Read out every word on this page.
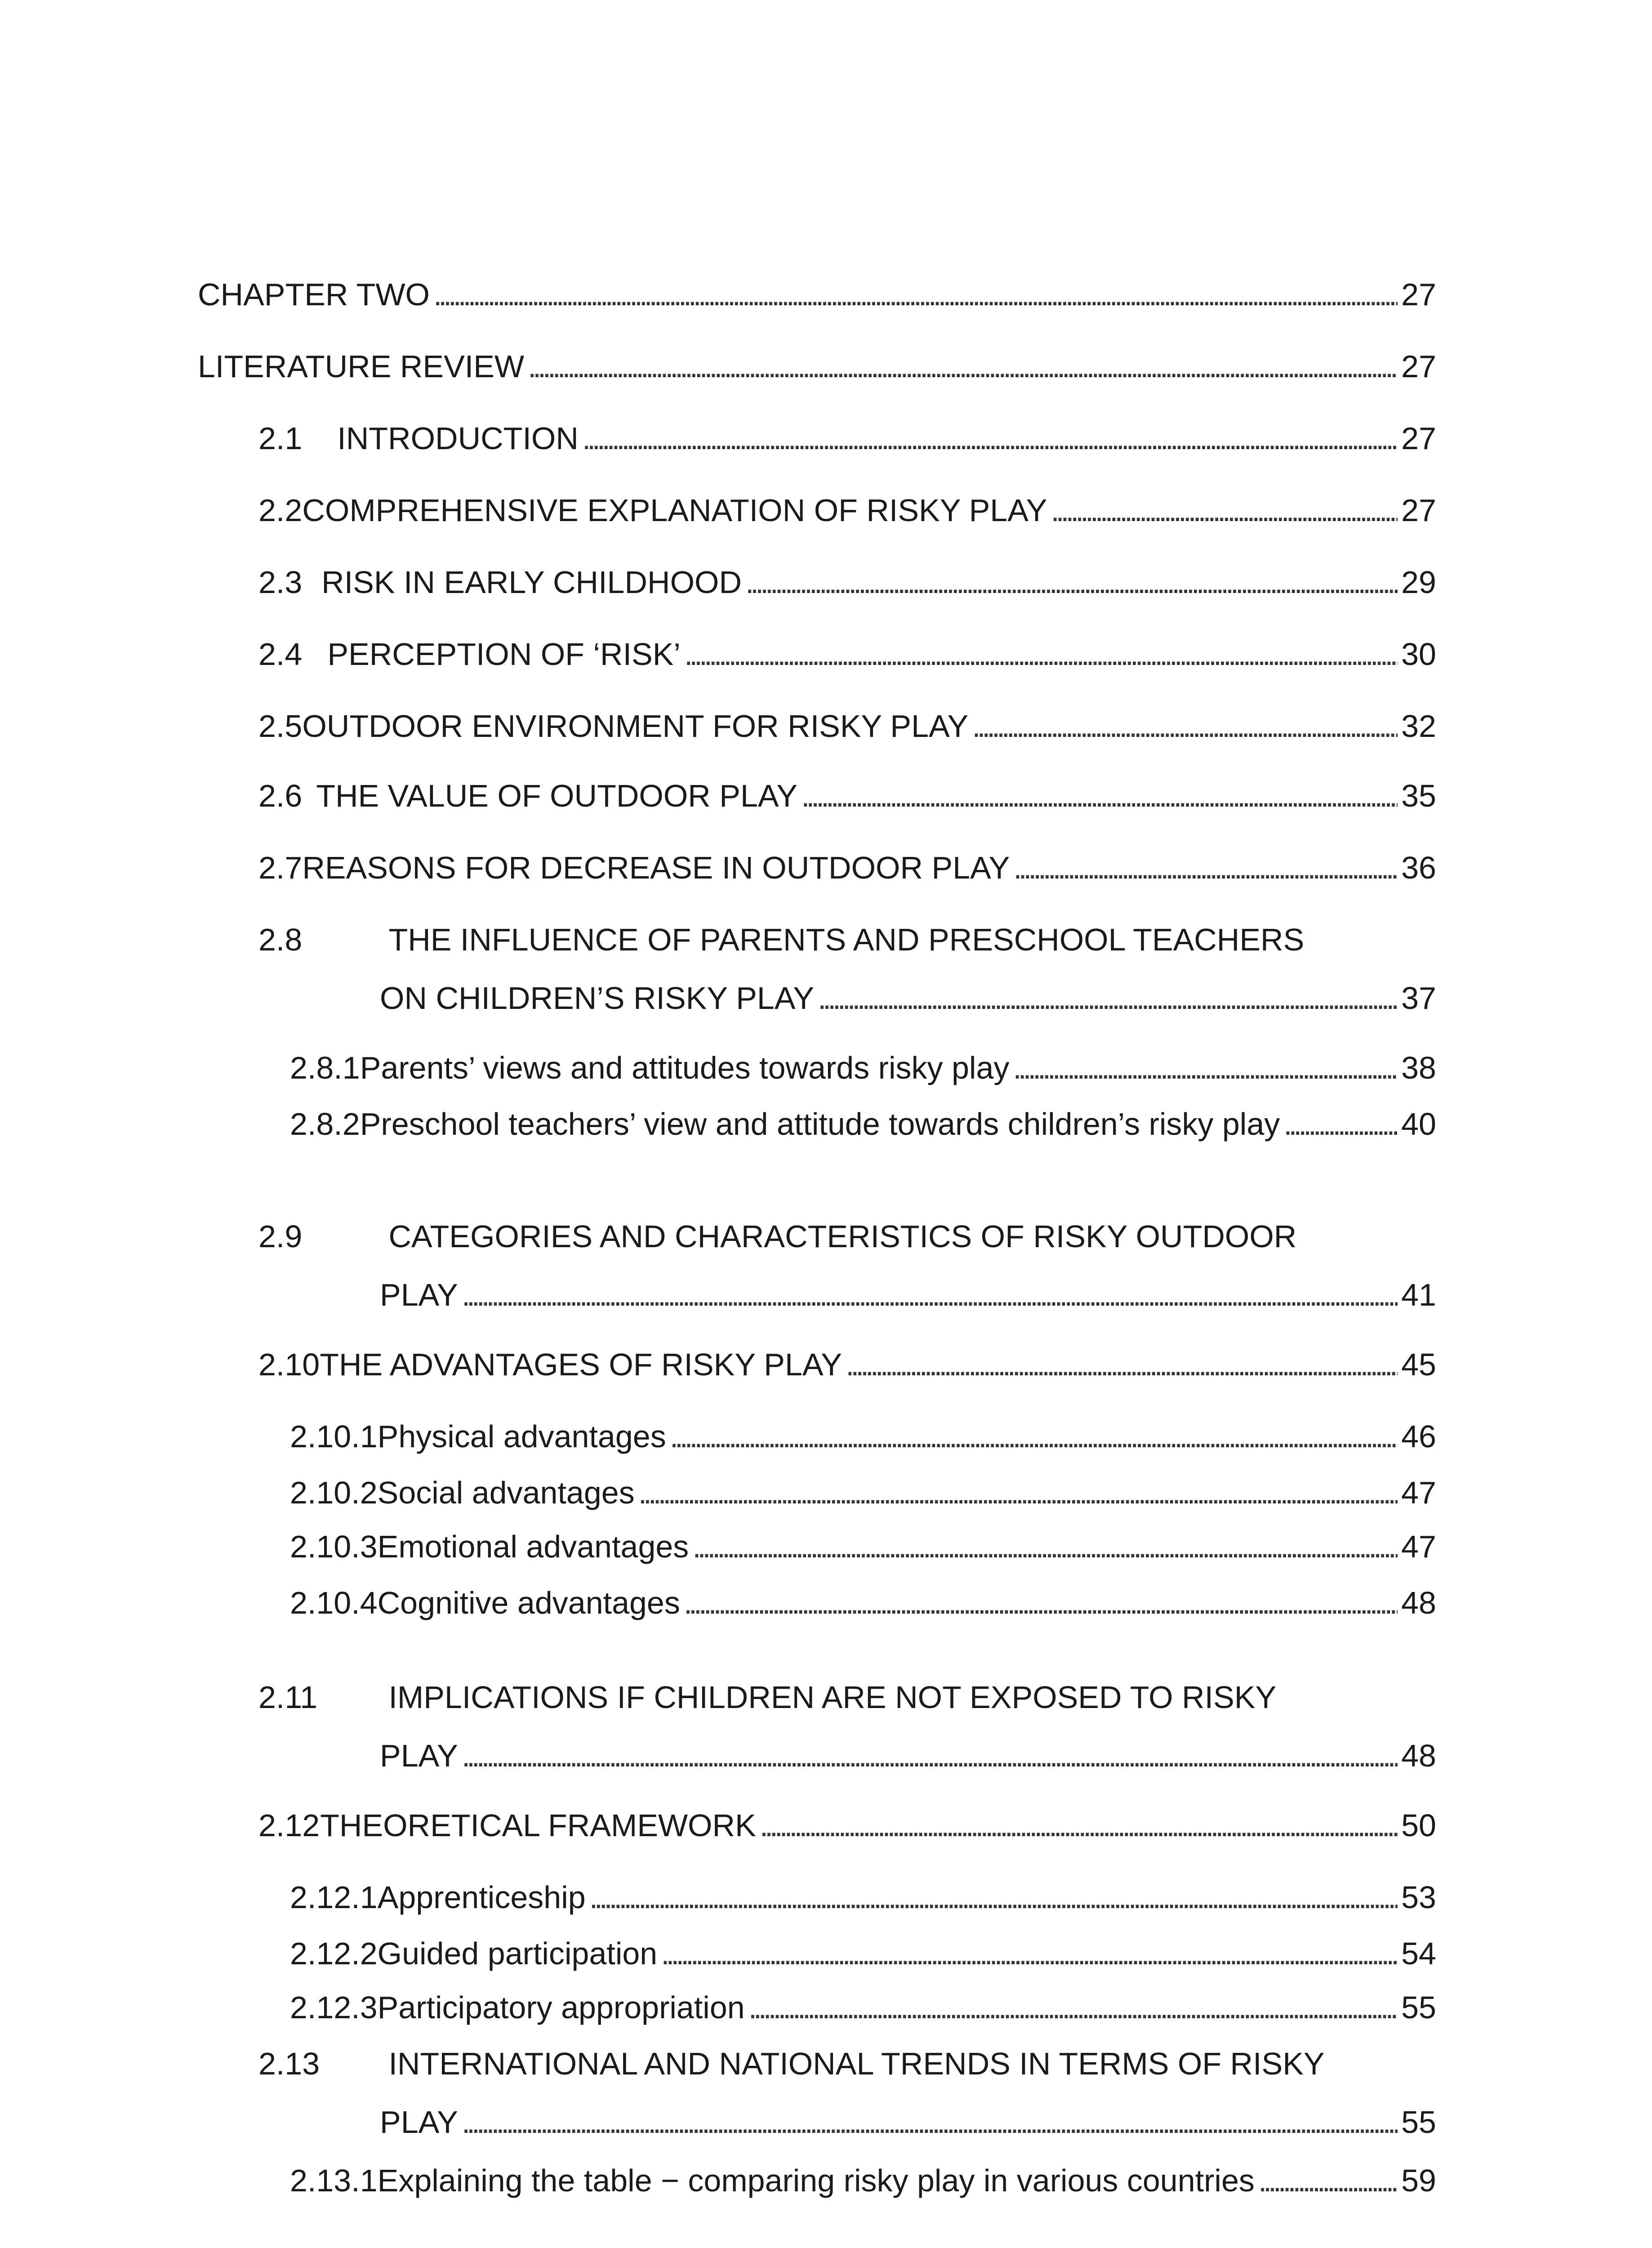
CHAPTER TWO . . .	27
LITERATURE REVIEW . . .	27
2.1	INTRODUCTION . . .	27
2.2 COMPREHENSIVE EXPLANATION OF RISKY PLAY . . .	27
2.3 RISK IN EARLY CHILDHOOD . . .	29
2.4 PERCEPTION OF ‘RISK’ . . .	30
2.5 OUTDOOR ENVIRONMENT FOR RISKY PLAY . . .	32
2.6 THE VALUE OF OUTDOOR PLAY . . .	35
2.7 REASONS FOR DECREASE IN OUTDOOR PLAY . . .	36
2.8	THE INFLUENCE OF PARENTS AND PRESCHOOL TEACHERS
ON CHILDREN’S RISKY PLAY . . .	37
2.8.1 Parents’ views and attitudes towards risky play . . .	38
2.8.2 Preschool teachers’ view and attitude towards children’s risky play . . .	40
2.9	CATEGORIES AND CHARACTERISTICS OF RISKY OUTDOOR
PLAY . . .	41
2.10 THE ADVANTAGES OF RISKY PLAY . . .	45
2.10.1 Physical advantages . . .	46
2.10.2 Social advantages . . .	47
2.10.3 Emotional advantages . . .	47
2.10.4 Cognitive advantages . . .	48
2.11 IMPLICATIONS IF CHILDREN ARE NOT EXPOSED TO RISKY
PLAY . . .	48
2.12 THEORETICAL FRAMEWORK . . .	50
2.12.1 Apprenticeship . . .	53
2.12.2 Guided participation . . .	54
2.12.3 Participatory appropriation . . .	55
2.13 INTERNATIONAL AND NATIONAL TRENDS IN TERMS OF RISKY
PLAY . . .	55
2.13.1 Explaining the table − comparing risky play in various countries . . .	59
